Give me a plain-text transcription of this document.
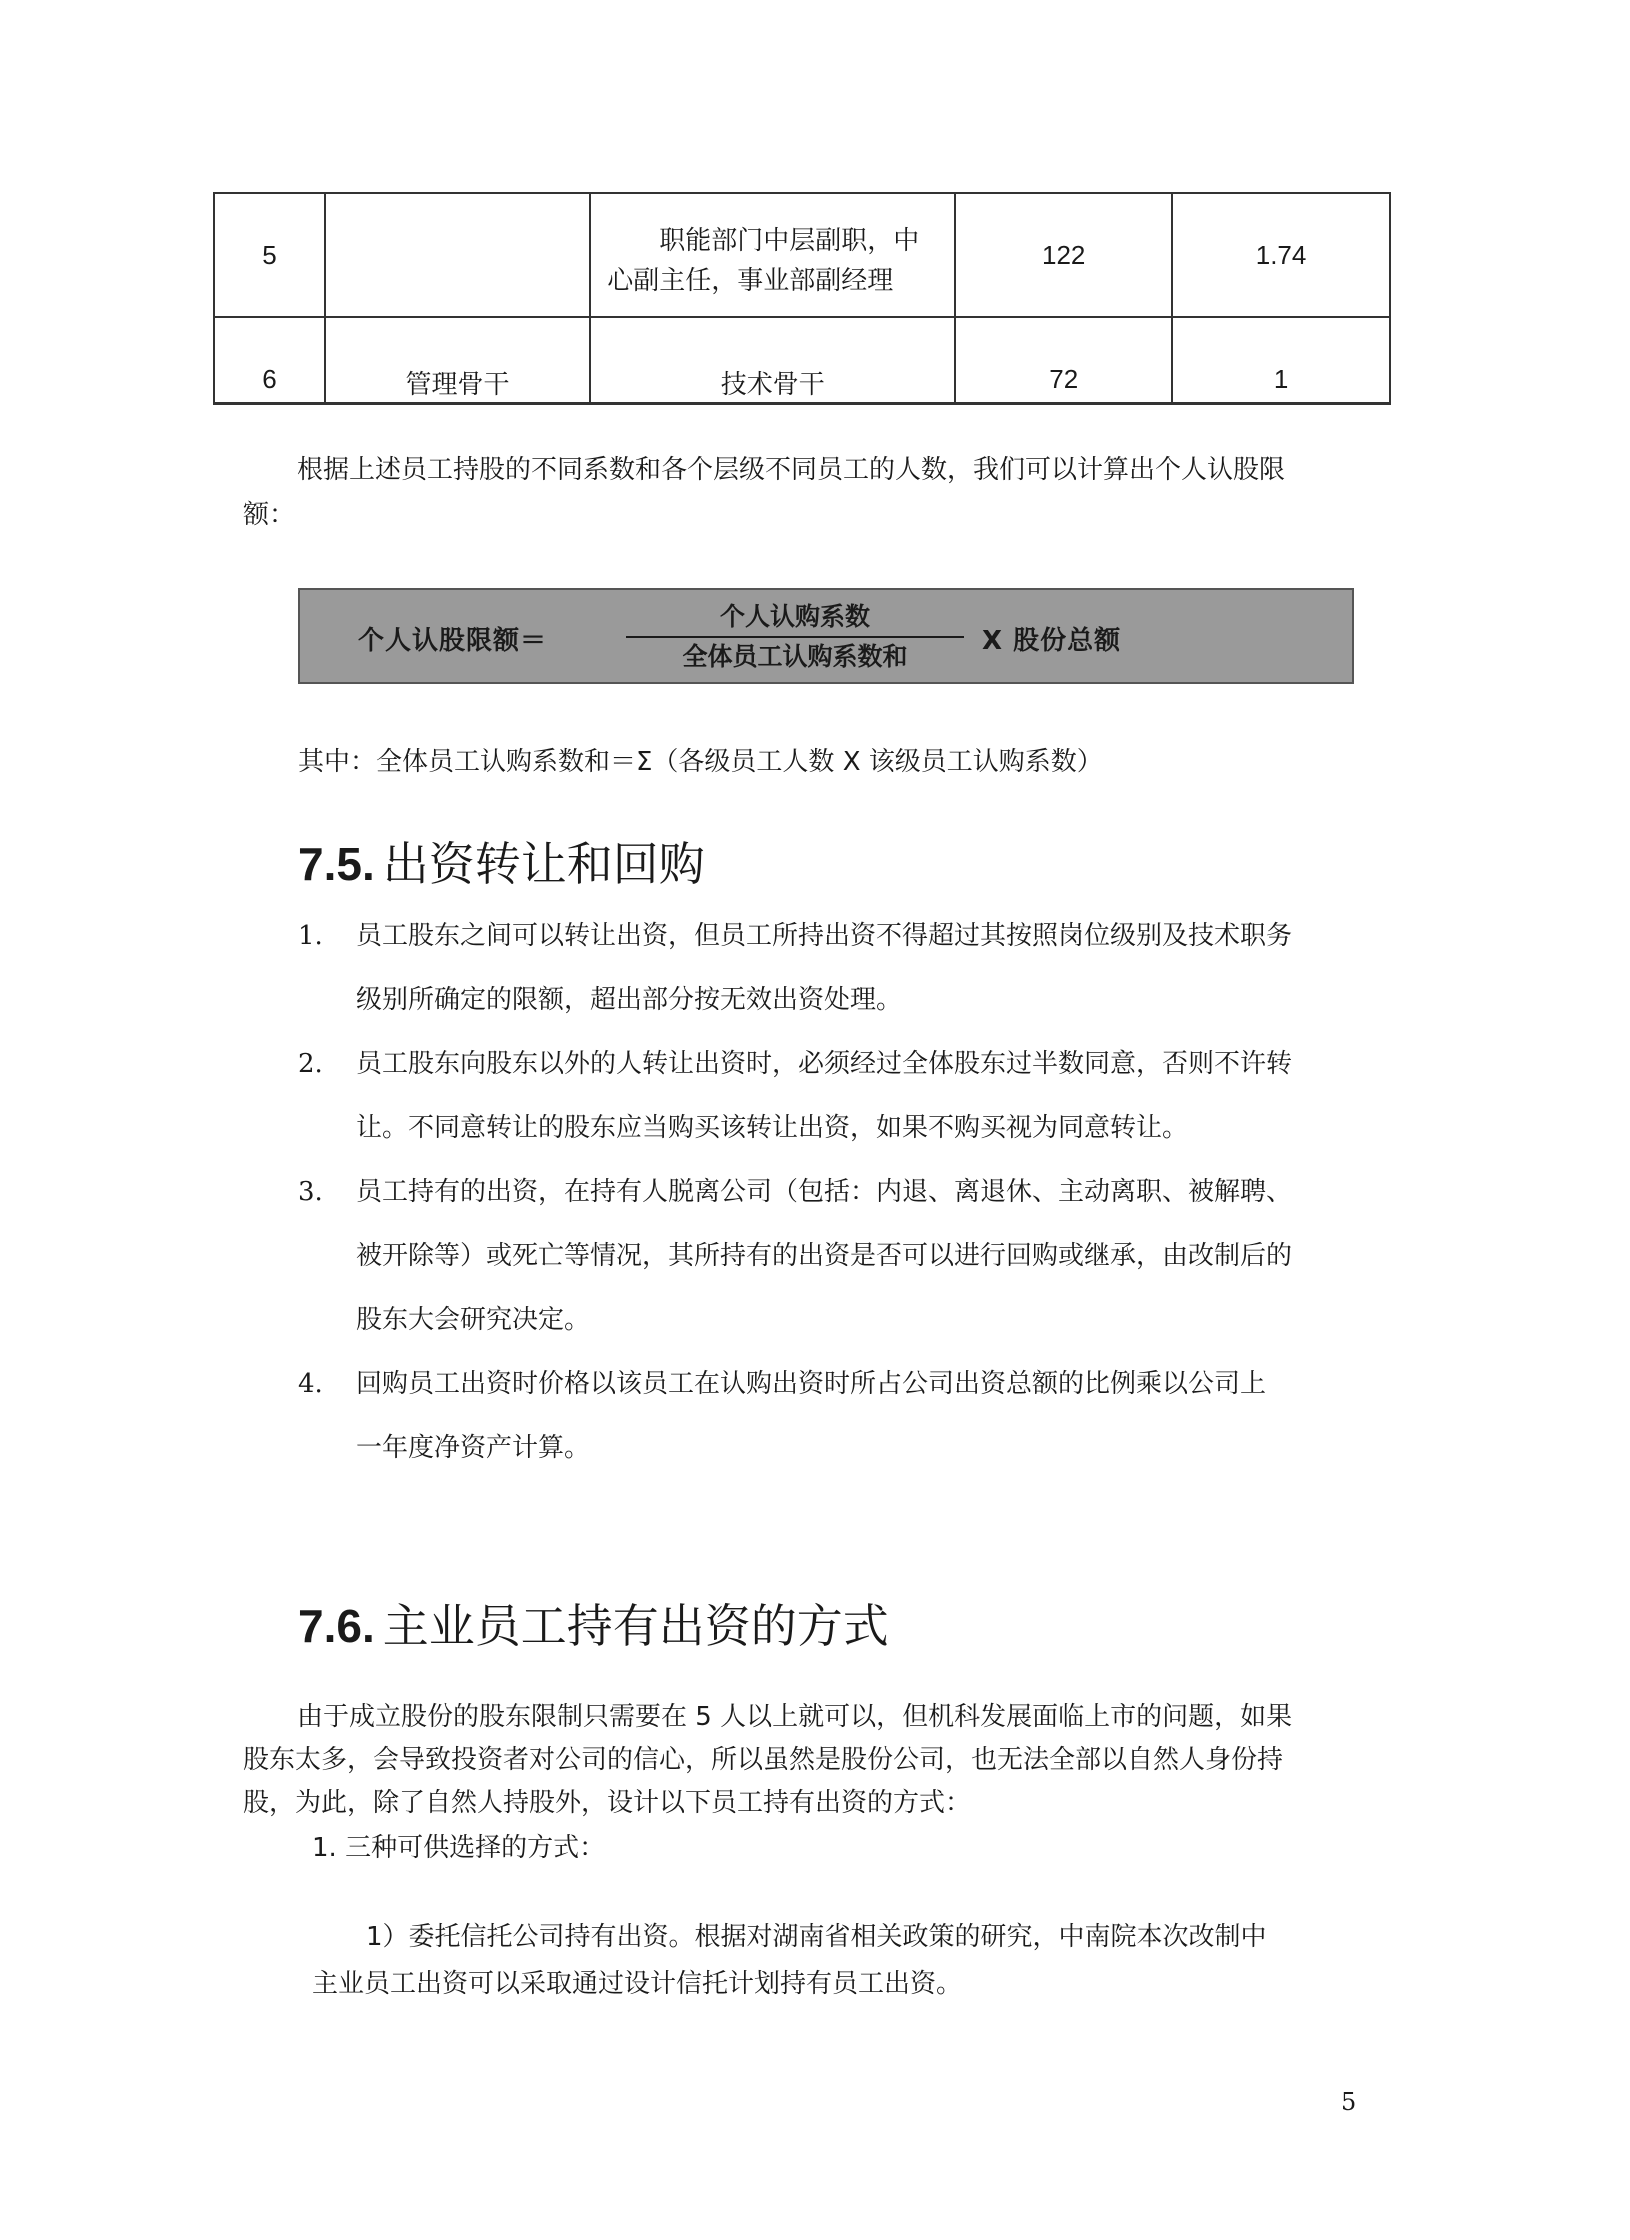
5		职能部门中层副职，中
心副主任，事业部副经理	122	1.74
6	管理骨干	技术骨干	72	1
根据上述员工持股的不同系数和各个层级不同员工的人数，我们可以计算出个人认股限
额：
个人认股限额＝
个人认购系数
全体员工认购系数和
X 股份总额
其中：全体员工认购系数和＝Σ（各级员工人数 X 该级员工认购系数）
7.5. 出资转让和回购
1. 员工股东之间可以转让出资，但员工所持出资不得超过其按照岗位级别及技术职务
级别所确定的限额，超出部分按无效出资处理。
2. 员工股东向股东以外的人转让出资时，必须经过全体股东过半数同意，否则不许转
让。不同意转让的股东应当购买该转让出资，如果不购买视为同意转让。
3. 员工持有的出资，在持有人脱离公司（包括：内退、离退休、主动离职、被解聘、
被开除等）或死亡等情况，其所持有的出资是否可以进行回购或继承，由改制后的
股东大会研究决定。
4. 回购员工出资时价格以该员工在认购出资时所占公司出资总额的比例乘以公司上
一年度净资产计算。
7.6. 主业员工持有出资的方式
由于成立股份的股东限制只需要在 5 人以上就可以，但机科发展面临上市的问题，如果
股东太多，会导致投资者对公司的信心，所以虽然是股份公司，也无法全部以自然人身份持
股，为此，除了自然人持股外，设计以下员工持有出资的方式：
1. 三种可供选择的方式：
1）委托信托公司持有出资。根据对湖南省相关政策的研究，中南院本次改制中
主业员工出资可以采取通过设计信托计划持有员工出资。
5
